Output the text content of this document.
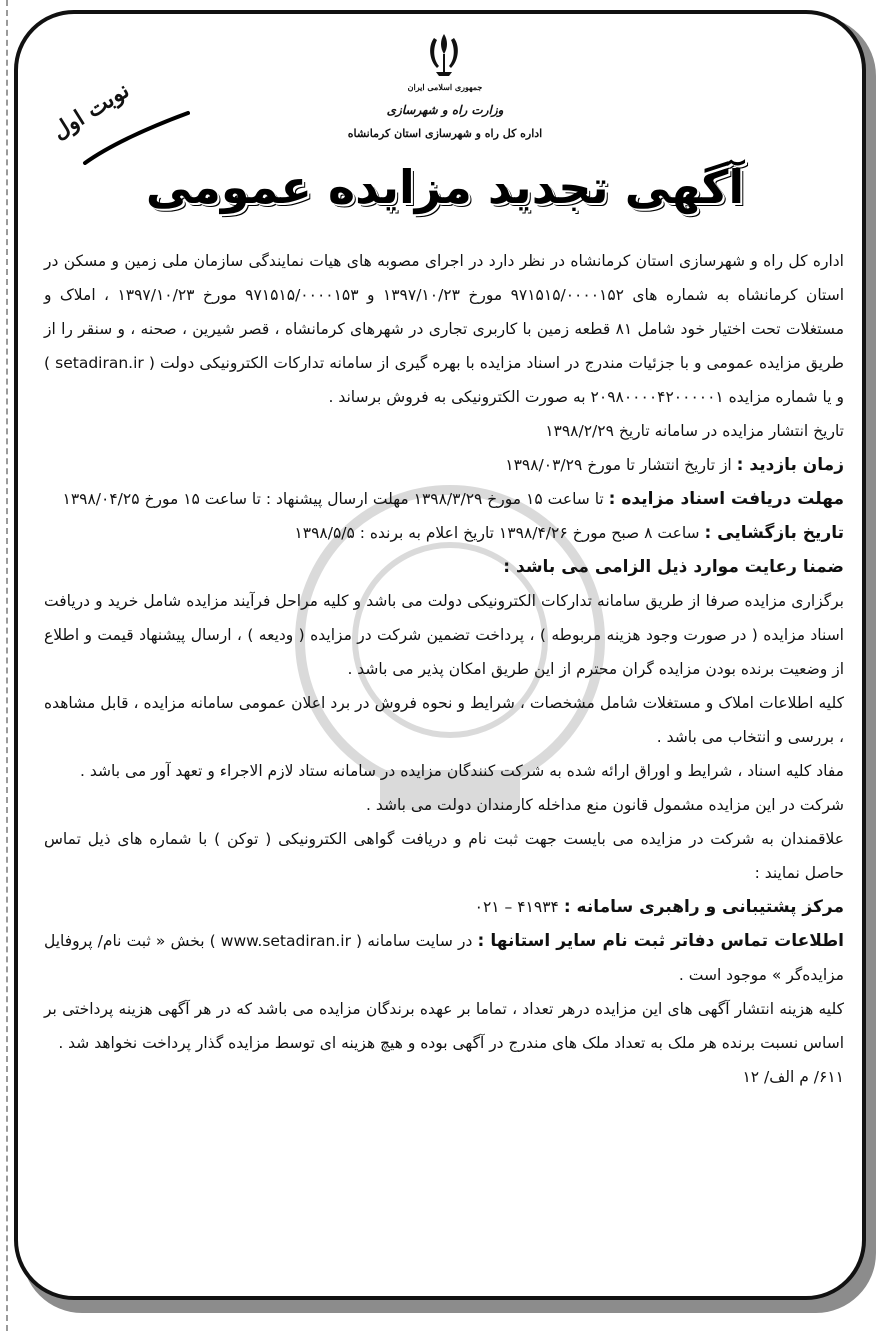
جمهوری اسلامی ایران
وزارت راه و شهرسازی
اداره کل راه و شهرسازی استان کرمانشاه
نوبت اول
آگهی تجدید مزایده عمومی

اداره کل راه و شهرسازی استان کرمانشاه در نظر دارد در اجرای مصوبه های هیات نمایندگی سازمان ملی زمین و مسکن در استان کرمانشاه به شماره های ۹۷۱۵۱۵/۰۰۰۰۱۵۲ مورخ ۱۳۹۷/۱۰/۲۳ و ۹۷۱۵۱۵/۰۰۰۰۱۵۳ مورخ ۱۳۹۷/۱۰/۲۳ ، املاک و مستغلات تحت اختیار خود شامل ۸۱ قطعه زمین با کاربری تجاری در شهرهای کرمانشاه ، قصر شیرین ، صحنه ، و سنقر را از طریق مزایده عمومی و با جزئیات مندرج در اسناد مزایده با بهره گیری از سامانه تدارکات الکترونیکی دولت ( setadiran.ir ) و یا شماره مزایده ۲۰۹۸۰۰۰۰۴۲۰۰۰۰۰۱ به صورت الکترونیکی به فروش برساند .

تاریخ انتشار مزایده در سامانه تاریخ ۱۳۹۸/۲/۲۹

زمان بازدید : از تاریخ انتشار تا مورخ ۱۳۹۸/۰۳/۲۹

مهلت دریافت اسناد مزایده : تا ساعت ۱۵ مورخ ۱۳۹۸/۳/۲۹ مهلت ارسال پیشنهاد : تا ساعت ۱۵ مورخ ۱۳۹۸/۰۴/۲۵

تاریخ بازگشایی : ساعت ۸ صبح مورخ ۱۳۹۸/۴/۲۶ تاریخ اعلام به برنده : ۱۳۹۸/۵/۵

ضمنا رعایت موارد ذیل الزامی می باشد :

برگزاری مزایده صرفا از طریق سامانه تدارکات الکترونیکی دولت می باشد و کلیه مراحل فرآیند مزایده شامل خرید و دریافت اسناد مزایده ( در صورت وجود هزینه مربوطه ) ، پرداخت تضمین شرکت در مزایده ( ودیعه ) ، ارسال پیشنهاد قیمت و اطلاع از وضعیت برنده بودن مزایده گران محترم از این طریق امکان پذیر می باشد .

کلیه اطلاعات املاک و مستغلات شامل مشخصات ، شرایط و نحوه فروش در برد اعلان عمومی سامانه مزایده ، قابل مشاهده ، بررسی و انتخاب می باشد .

مفاد کلیه اسناد ، شرایط و اوراق ارائه شده به شرکت کنندگان مزایده در سامانه ستاد لازم الاجراء و تعهد آور می باشد .

شرکت در این مزایده مشمول قانون منع مداخله کارمندان دولت می باشد .

علاقمندان به شرکت در مزایده می بایست جهت ثبت نام و دریافت گواهی الکترونیکی ( توکن ) با شماره های ذیل تماس حاصل نمایند :

مرکز پشتیبانی و راهبری سامانه : ۴۱۹۳۴ – ۰۲۱

اطلاعات تماس دفاتر ثبت نام سایر استانها : در سایت سامانه ( www.setadiran.ir ) بخش « ثبت نام/ پروفایل مزایده‌گر » موجود است .

کلیه هزینه انتشار آگهی های این مزایده درهر تعداد ، تماما بر عهده برندگان مزایده می باشد که در هر آگهی هزینه پرداختی بر اساس نسبت برنده هر ملک به تعداد ملک های مندرج در آگهی بوده و هیچ هزینه ای توسط مزایده گذار پرداخت نخواهد شد .

۶۱۱/ م الف/ ۱۲
